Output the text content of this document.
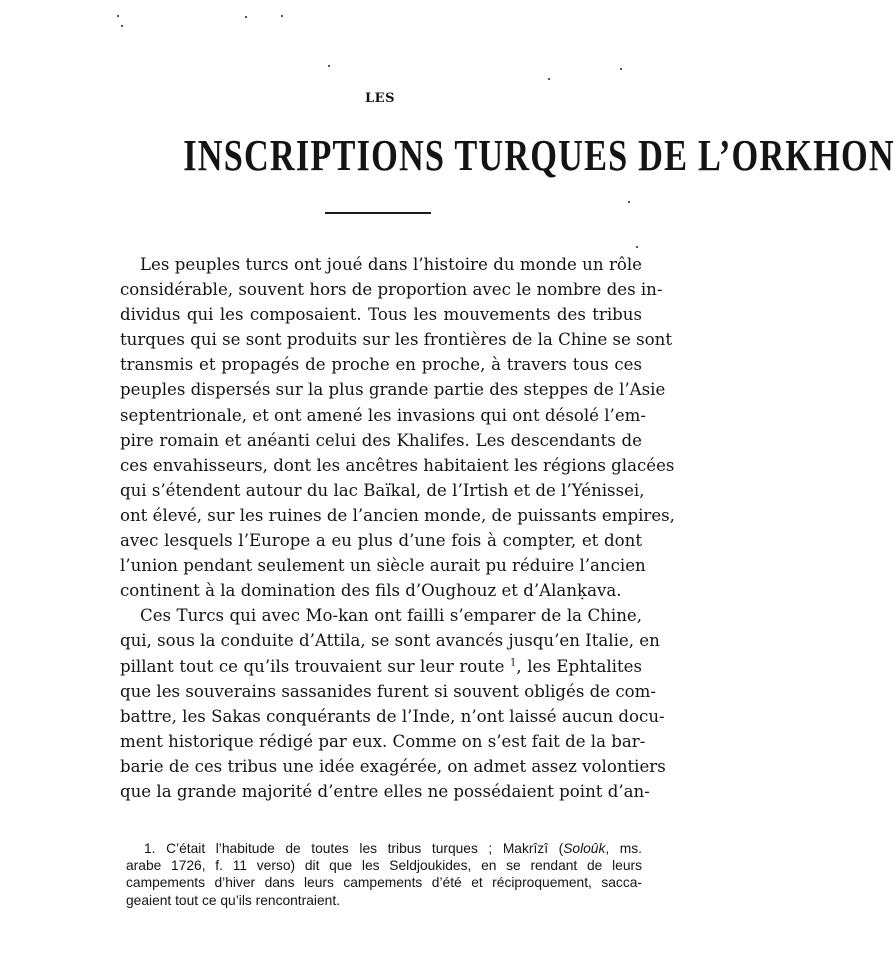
LES
INSCRIPTIONS TURQUES DE L’ORKHON
Les peuples turcs ont joué dans l’histoire du monde un rôle
considérable, souvent hors de proportion avec le nombre des in-
dividus qui les composaient. Tous les mouvements des tribus
turques qui se sont produits sur les frontières de la Chine se sont
transmis et propagés de proche en proche, à travers tous ces
peuples dispersés sur la plus grande partie des steppes de l’Asie
septentrionale, et ont amené les invasions qui ont désolé l’em-
pire romain et anéanti celui des Khalifes. Les descendants de
ces envahisseurs, dont les ancêtres habitaient les régions glacées
qui s’étendent autour du lac Baïkal, de l’Irtish et de l’Yénissei,
ont élevé, sur les ruines de l’ancien monde, de puissants empires,
avec lesquels l’Europe a eu plus d’une fois à compter, et dont
l’union pendant seulement un siècle aurait pu réduire l’ancien
continent à la domination des fils d’Oughouz et d’Alanḳava.
Ces Turcs qui avec Mo-kan ont failli s’emparer de la Chine,
qui, sous la conduite d’Attila, se sont avancés jusqu’en Italie, en
pillant tout ce qu’ils trouvaient sur leur route $^1$, les Ephtalites
que les souverains sassanides furent si souvent obligés de com-
battre, les Sakas conquérants de l’Inde, n’ont laissé aucun docu-
ment historique rédigé par eux. Comme on s’est fait de la bar-
barie de ces tribus une idée exagérée, on admet assez volontiers
que la grande majorité d’entre elles ne possédaient point d’an-
1. C’était l’habitude de toutes les tribus turques ; Makrîzî (Soloûk, ms.
arabe 1726, f. 11 verso) dit que les Seldjoukides, en se rendant de leurs
campements d’hiver dans leurs campements d’été et réciproquement, sacca-
geaient tout ce qu’ils rencontraient.
